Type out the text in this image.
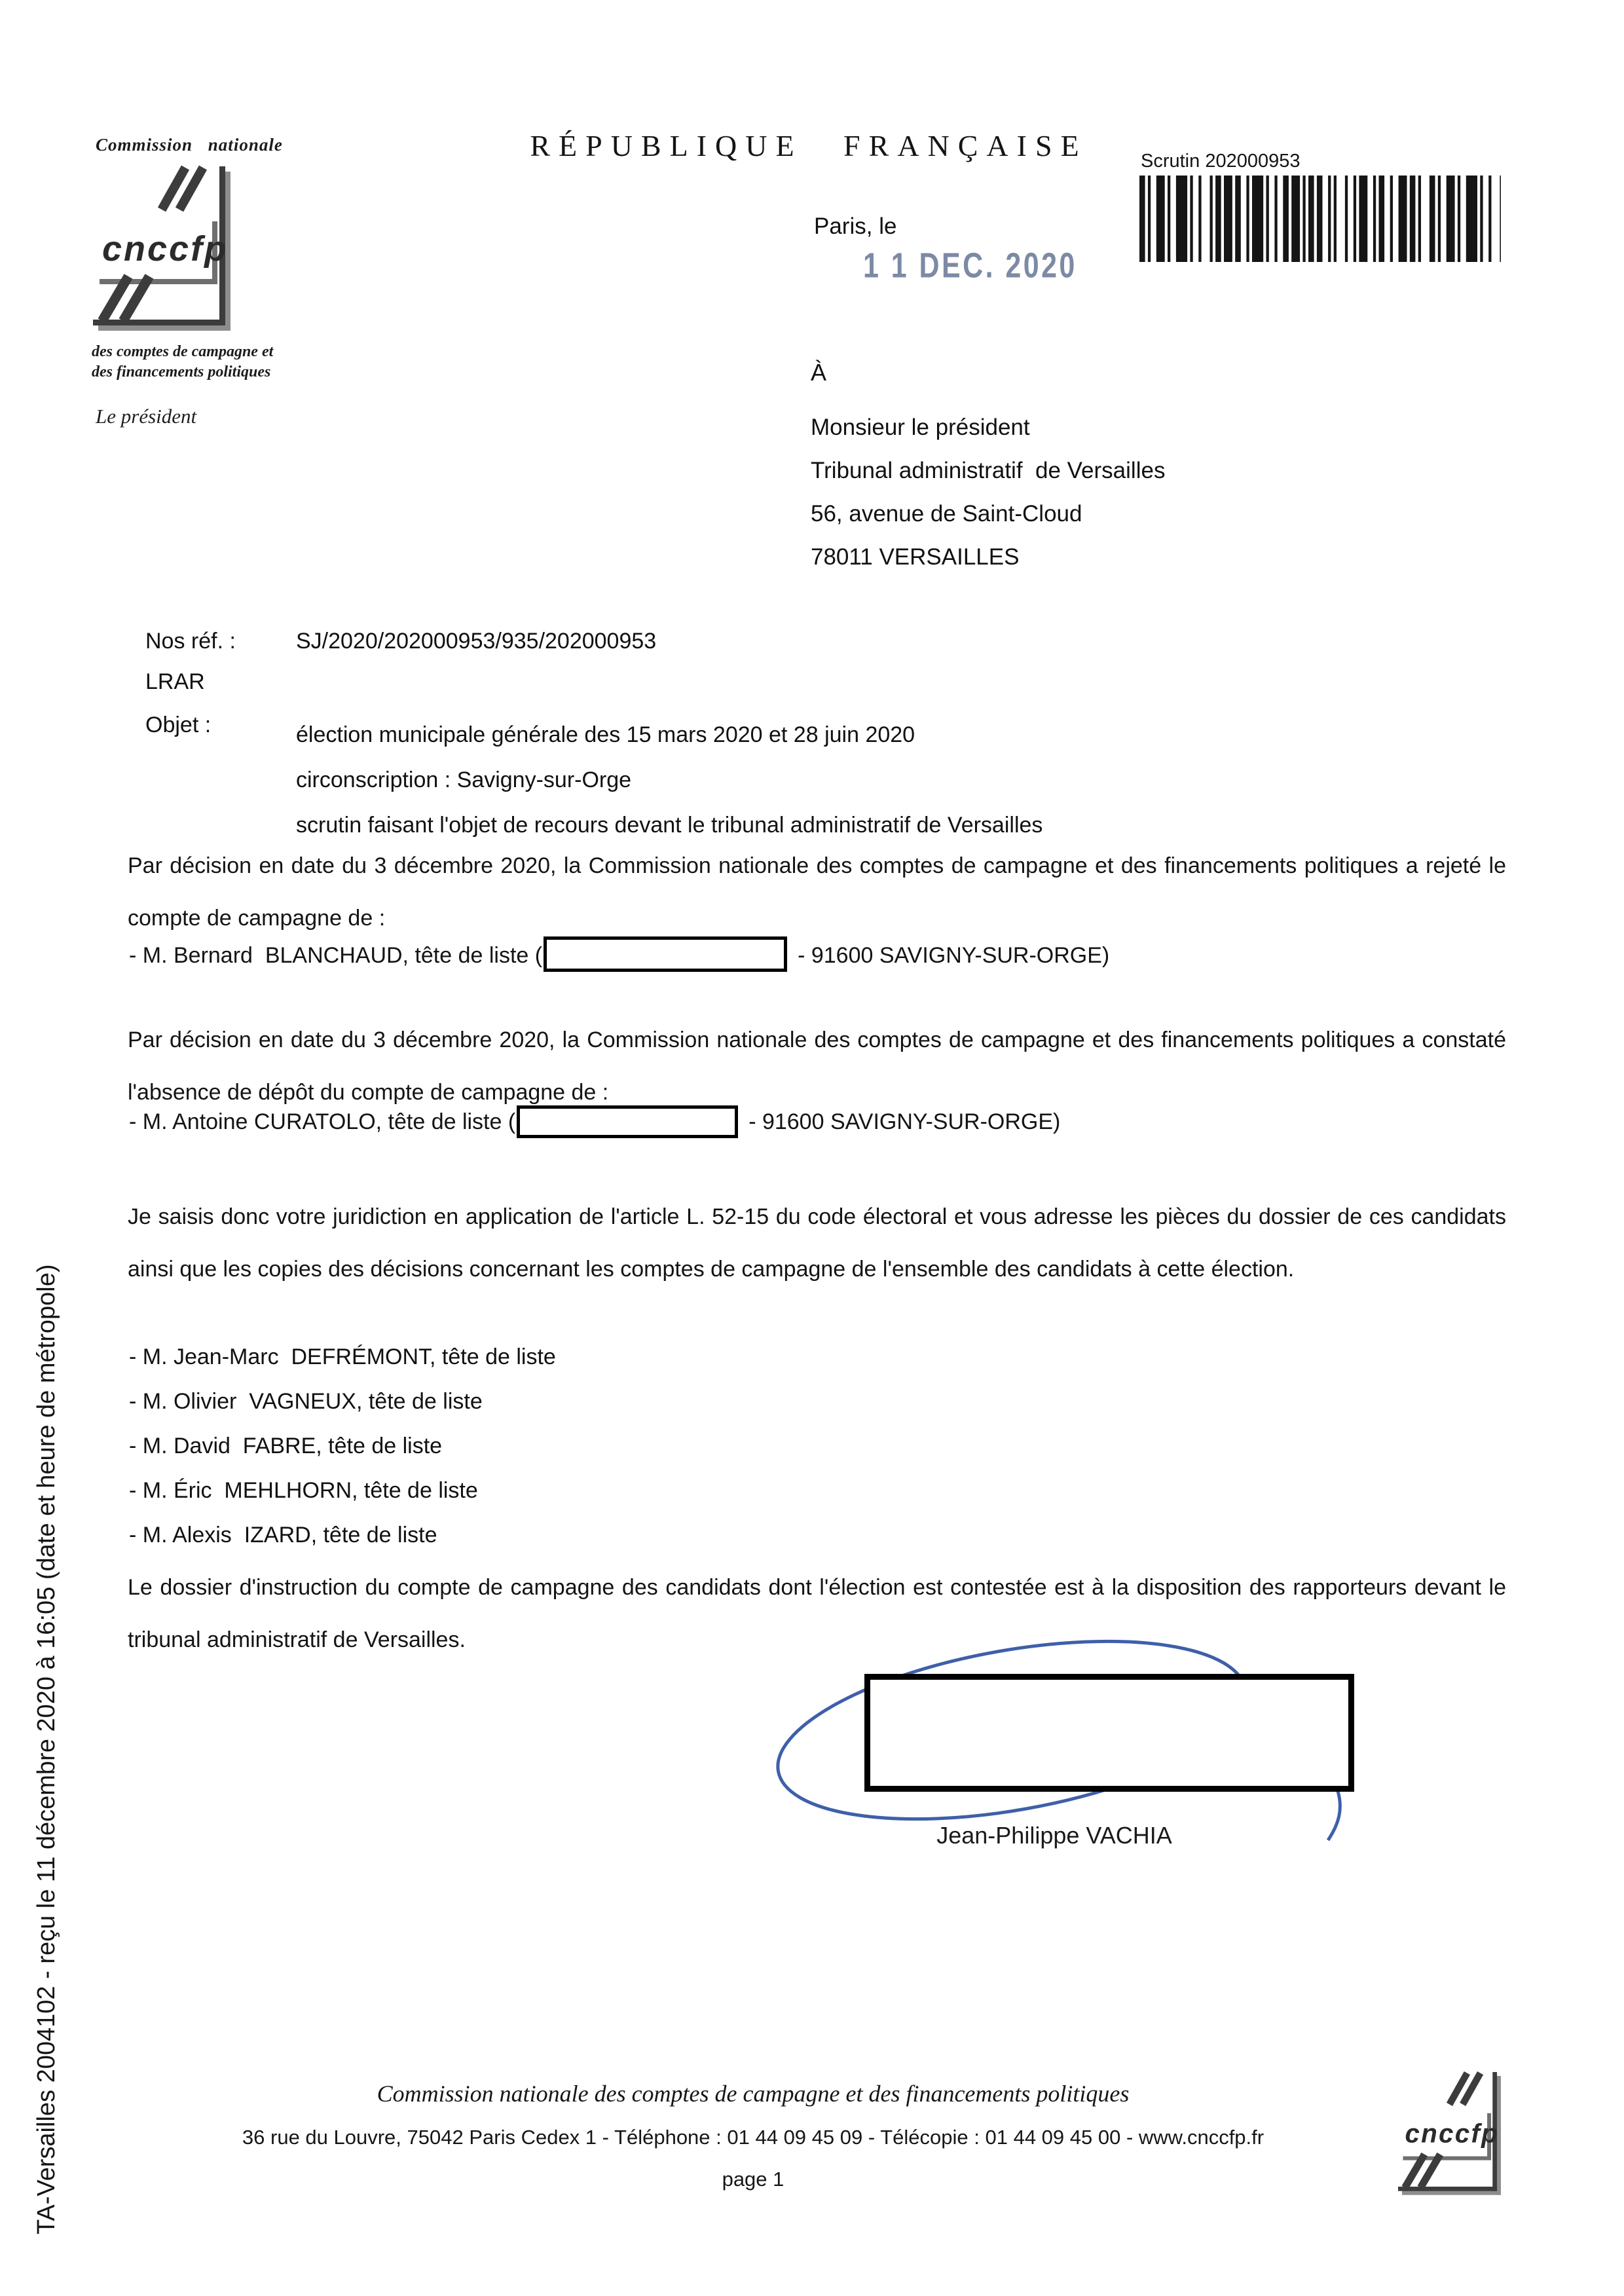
TA-Versailles 2004102 - reçu le 11 décembre 2020 à 16:05 (date et heure de métropole)
Commission nationale
cnccfp
des comptes de campagne et
des financements politiques
Le président
RÉPUBLIQUE FRANÇAISE	Scrutin 202000953
Paris, le
1 1 DEC. 2020
À
Monsieur le président
Tribunal administratif  de Versailles
56, avenue de Saint-Cloud
78011 VERSAILLES
Nos réf. :	SJ/2020/202000953/935/202000953
LRAR
Objet :	élection municipale générale des 15 mars 2020 et 28 juin 2020
circonscription : Savigny-sur-Orge
scrutin faisant l'objet de recours devant le tribunal administratif de Versailles
Par décision en date du 3 décembre 2020, la Commission nationale des comptes de campagne et des financements politiques a rejeté le compte de campagne de :
- M. Bernard  BLANCHAUD, tête de liste (	- 91600 SAVIGNY-SUR-ORGE)
Par décision en date du 3 décembre 2020, la Commission nationale des comptes de campagne et des financements politiques a constaté l'absence de dépôt du compte de campagne de :
- M. Antoine CURATOLO, tête de liste (	- 91600 SAVIGNY-SUR-ORGE)
Je saisis donc votre juridiction en application de l'article L. 52-15 du code électoral et vous adresse les pièces du dossier de ces candidats ainsi que les copies des décisions concernant les comptes de campagne de l'ensemble des candidats à cette élection.
- M. Jean-Marc  DEFRÉMONT, tête de liste
- M. Olivier  VAGNEUX, tête de liste
- M. David  FABRE, tête de liste
- M. Éric  MEHLHORN, tête de liste
- M. Alexis  IZARD, tête de liste
Le dossier d'instruction du compte de campagne des candidats dont l'élection est contestée est à la disposition des rapporteurs devant le tribunal administratif de Versailles.
Jean-Philippe VACHIA
Commission nationale des comptes de campagne et des financements politiques
36 rue du Louvre, 75042 Paris Cedex 1 - Téléphone : 01 44 09 45 09 - Télécopie : 01 44 09 45 00 - www.cnccfp.fr
page 1
cnccfp
